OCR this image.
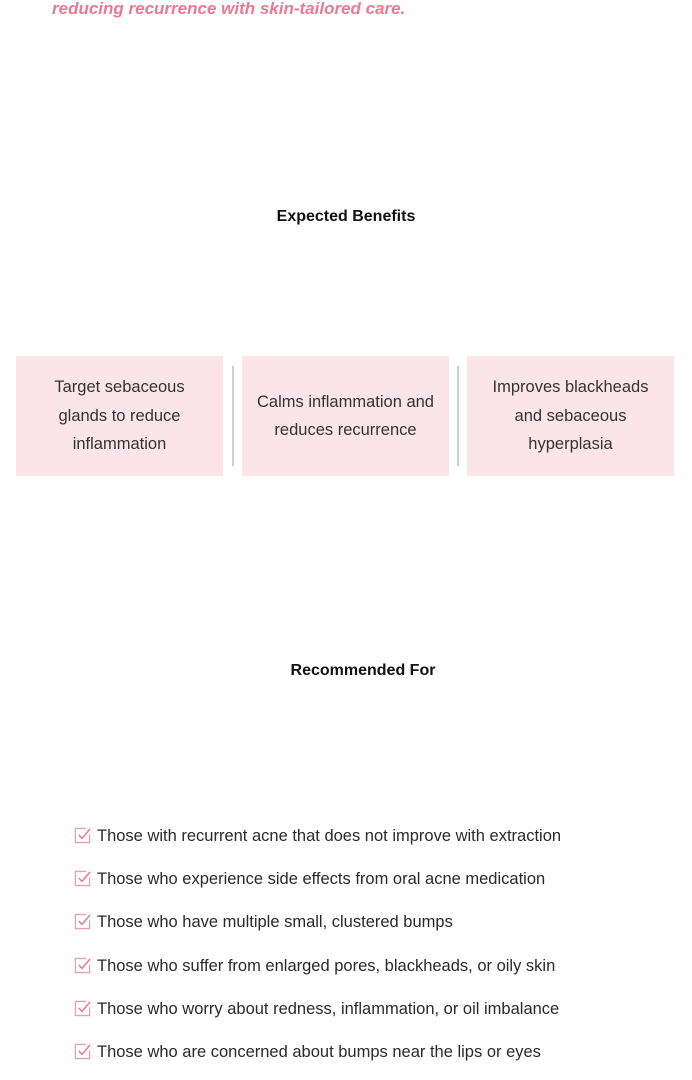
reducing recurrence with skin-tailored care.

Expected Benefits
Target sebaceous glands to reduce inflammation
Calms inflammation and reduces recurrence
Improves blackheads and sebaceous hyperplasia
Recommended For
Those with recurrent acne that does not improve with extraction
Those who experience side effects from oral acne medication
Those who have multiple small, clustered bumps
Those who suffer from enlarged pores, blackheads, or oily skin
Those who worry about redness, inflammation, or oil imbalance
Those who are concerned about bumps near the lips or eyes
